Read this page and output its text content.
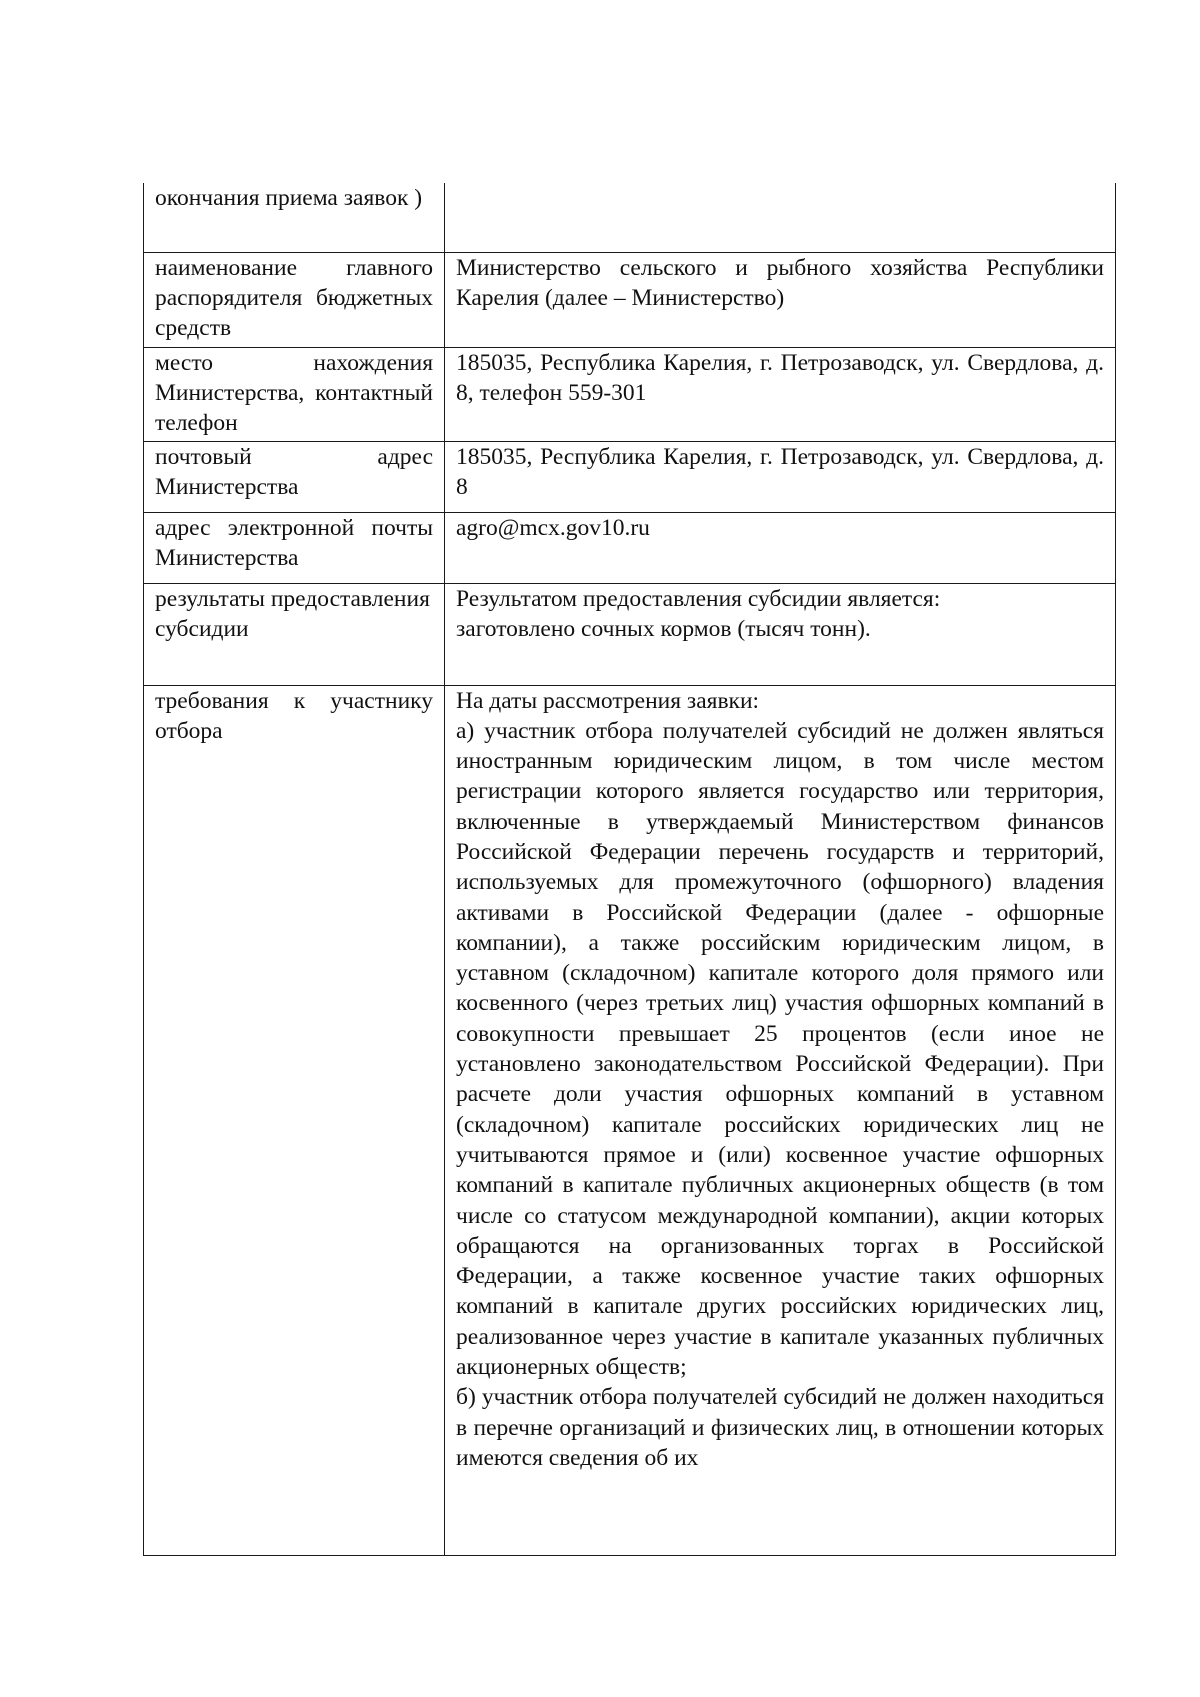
окончания приема заявок )	
наименование главного распорядителя бюджетных средств	Министерство сельского и рыбного хозяйства Республики Карелия (далее – Министерство)
место нахождения Министерства, контактный телефон	185035, Республика Карелия, г. Петрозаводск, ул. Свердлова, д. 8, телефон 559-301
почтовый адрес Министерства	185035, Республика Карелия, г. Петрозаводск, ул. Свердлова, д. 8
адрес электронной почты Министерства	agro@mcx.gov10.ru
результаты предоставления субсидии	Результатом предоставления субсидии является:
заготовлено сочных кормов (тысяч тонн).

требования к участнику отбора	На даты рассмотрения заявки:
а) участник отбора получателей субсидий не должен являться иностранным юридическим лицом, в том числе местом регистрации которого является государство или территория, включенные в утверждаемый Министерством финансов Российской Федерации перечень государств и территорий, используемых для промежуточного (офшорного) владения активами в Российской Федерации (далее - офшорные компании), а также российским юридическим лицом, в уставном (складочном) капитале которого доля прямого или косвенного (через третьих лиц) участия офшорных компаний в совокупности превышает 25 процентов (если иное не установлено законодательством Российской Федерации). При расчете доли участия офшорных компаний в уставном (складочном) капитале российских юридических лиц не учитываются прямое и (или) косвенное участие офшорных компаний в капитале публичных акционерных обществ (в том числе со статусом международной компании), акции которых обращаются на организованных торгах в Российской Федерации, а также косвенное участие таких офшорных компаний в капитале других российских юридических лиц, реализованное через участие в капитале указанных публичных акционерных обществ;
б) участник отбора получателей субсидий не должен находиться в перечне организаций и физических лиц, в отношении которых имеются сведения об их
